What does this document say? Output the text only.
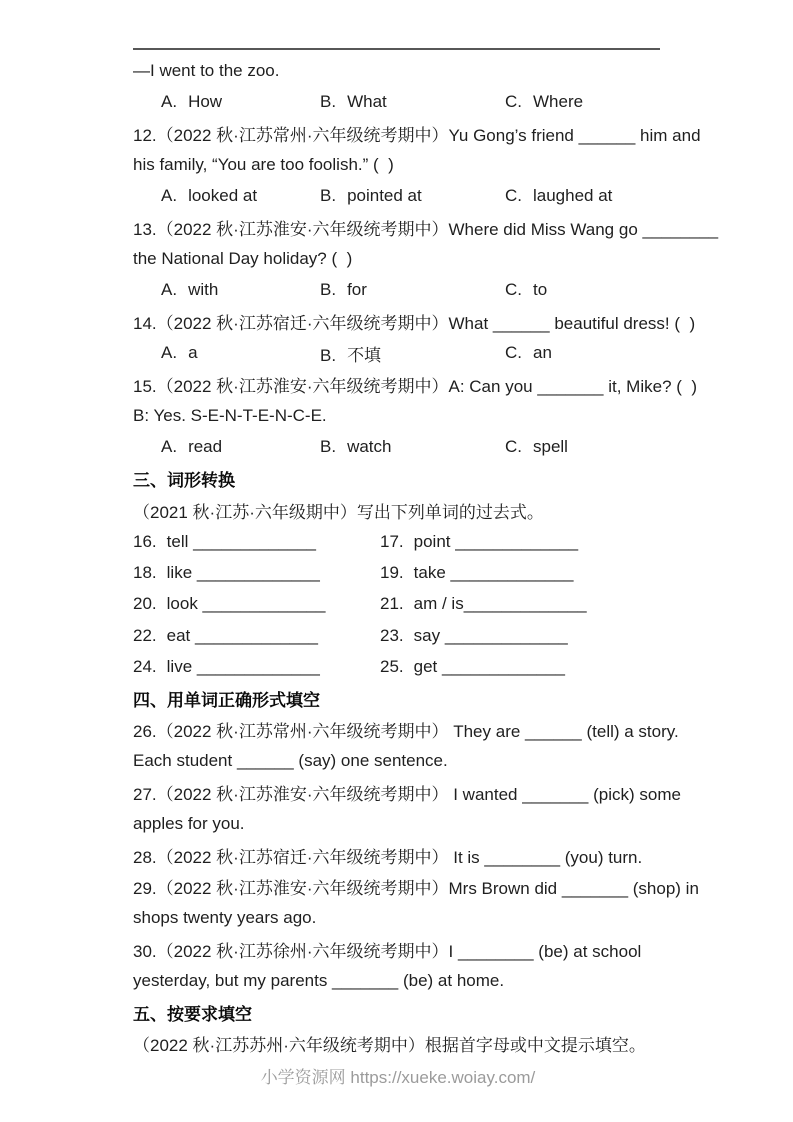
—I went to the zoo.
A. How	B. What	C. Where
12.（2022 秋·江苏常州·六年级统考期中）Yu Gong’s friend ______ him and
his family, “You are too foolish.” (  )
A. looked at	B. pointed at	C. laughed at
13.（2022 秋·江苏淮安·六年级统考期中）Where did Miss Wang go ________
the National Day holiday? (  )
A. with	B. for	C. to
14.（2022 秋·江苏宿迁·六年级统考期中）What ______ beautiful dress! (  )
A. a	B. 不填	C. an
15.（2022 秋·江苏淮安·六年级统考期中）A: Can you _______ it, Mike? (  )
B: Yes. S-E-N-T-E-N-C-E.
A. read	B. watch	C. spell
三、词形转换
（2021 秋·江苏·六年级期中）写出下列单词的过去式。
16. tell _____________	17. point _____________
18. like _____________	19. take _____________
20. look _____________	21. am / is_____________
22. eat _____________	23. say _____________
24. live _____________	25. get _____________
四、用单词正确形式填空
26.（2022 秋·江苏常州·六年级统考期中） They are ______ (tell) a story.
Each student ______ (say) one sentence.
27.（2022 秋·江苏淮安·六年级统考期中） I wanted _______ (pick) some
apples for you.
28.（2022 秋·江苏宿迁·六年级统考期中） It is ________ (you) turn.
29.（2022 秋·江苏淮安·六年级统考期中）Mrs Brown did _______ (shop) in
shops twenty years ago.
30.（2022 秋·江苏徐州·六年级统考期中）I ________ (be) at school
yesterday, but my parents _______ (be) at home.
五、按要求填空
（2022 秋·江苏苏州·六年级统考期中）根据首字母或中文提示填空。
小学资源网 https://xueke.woiay.com/
